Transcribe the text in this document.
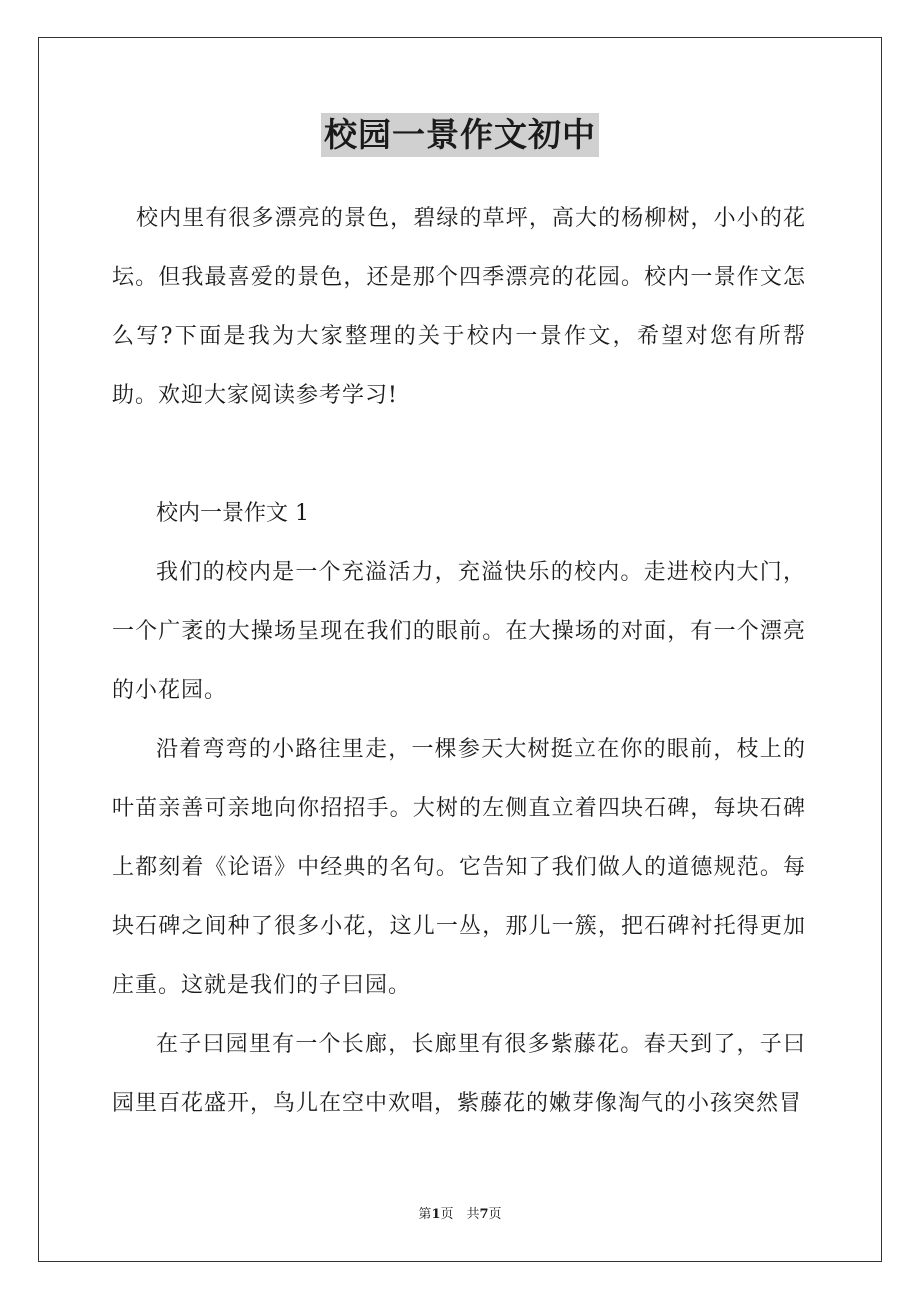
校园一景作文初中

校内里有很多漂亮的景色，碧绿的草坪，高大的杨柳树，小小的花坛。但我最喜爱的景色，还是那个四季漂亮的花园。校内一景作文怎么写?下面是我为大家整理的关于校内一景作文，希望对您有所帮助。欢迎大家阅读参考学习!

校内一景作文 1

我们的校内是一个充溢活力，充溢快乐的校内。走进校内大门，一个广袤的大操场呈现在我们的眼前。在大操场的对面，有一个漂亮的小花园。

沿着弯弯的小路往里走，一棵参天大树挺立在你的眼前，枝上的叶苗亲善可亲地向你招招手。大树的左侧直立着四块石碑，每块石碑上都刻着《论语》中经典的名句。它告知了我们做人的道德规范。每块石碑之间种了很多小花，这儿一丛，那儿一簇，把石碑衬托得更加庄重。这就是我们的子曰园。

在子曰园里有一个长廊，长廊里有很多紫藤花。春天到了，子曰园里百花盛开，鸟儿在空中欢唱，紫藤花的嫩芽像淘气的小孩突然冒

第1页　共7页
